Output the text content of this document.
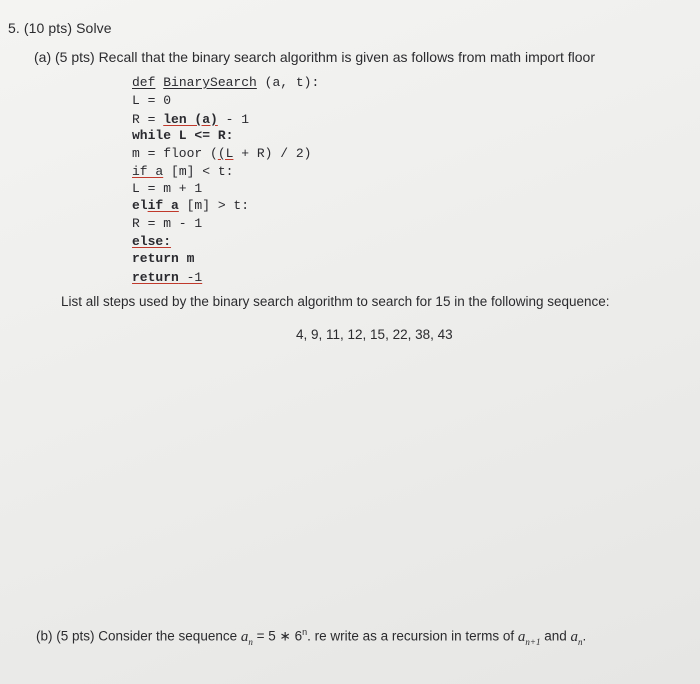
5. (10 pts) Solve
(a) (5 pts) Recall that the binary search algorithm is given as follows from math import floor
def BinarySearch (a, t):
L = 0
R = len (a) - 1
while L <= R:
m = floor ((L + R) / 2)
if a [m] < t:
L = m + 1
elif a [m] > t:
R = m - 1
else:
return m
return -1
List all steps used by the binary search algorithm to search for 15 in the following sequence:
4, 9, 11, 12, 15, 22, 38, 43
(b) (5 pts) Consider the sequence $a_n = 5$ ∗ 6$^n$. re write as a recursion in terms of $a_{n+1}$ and $a_n$.
